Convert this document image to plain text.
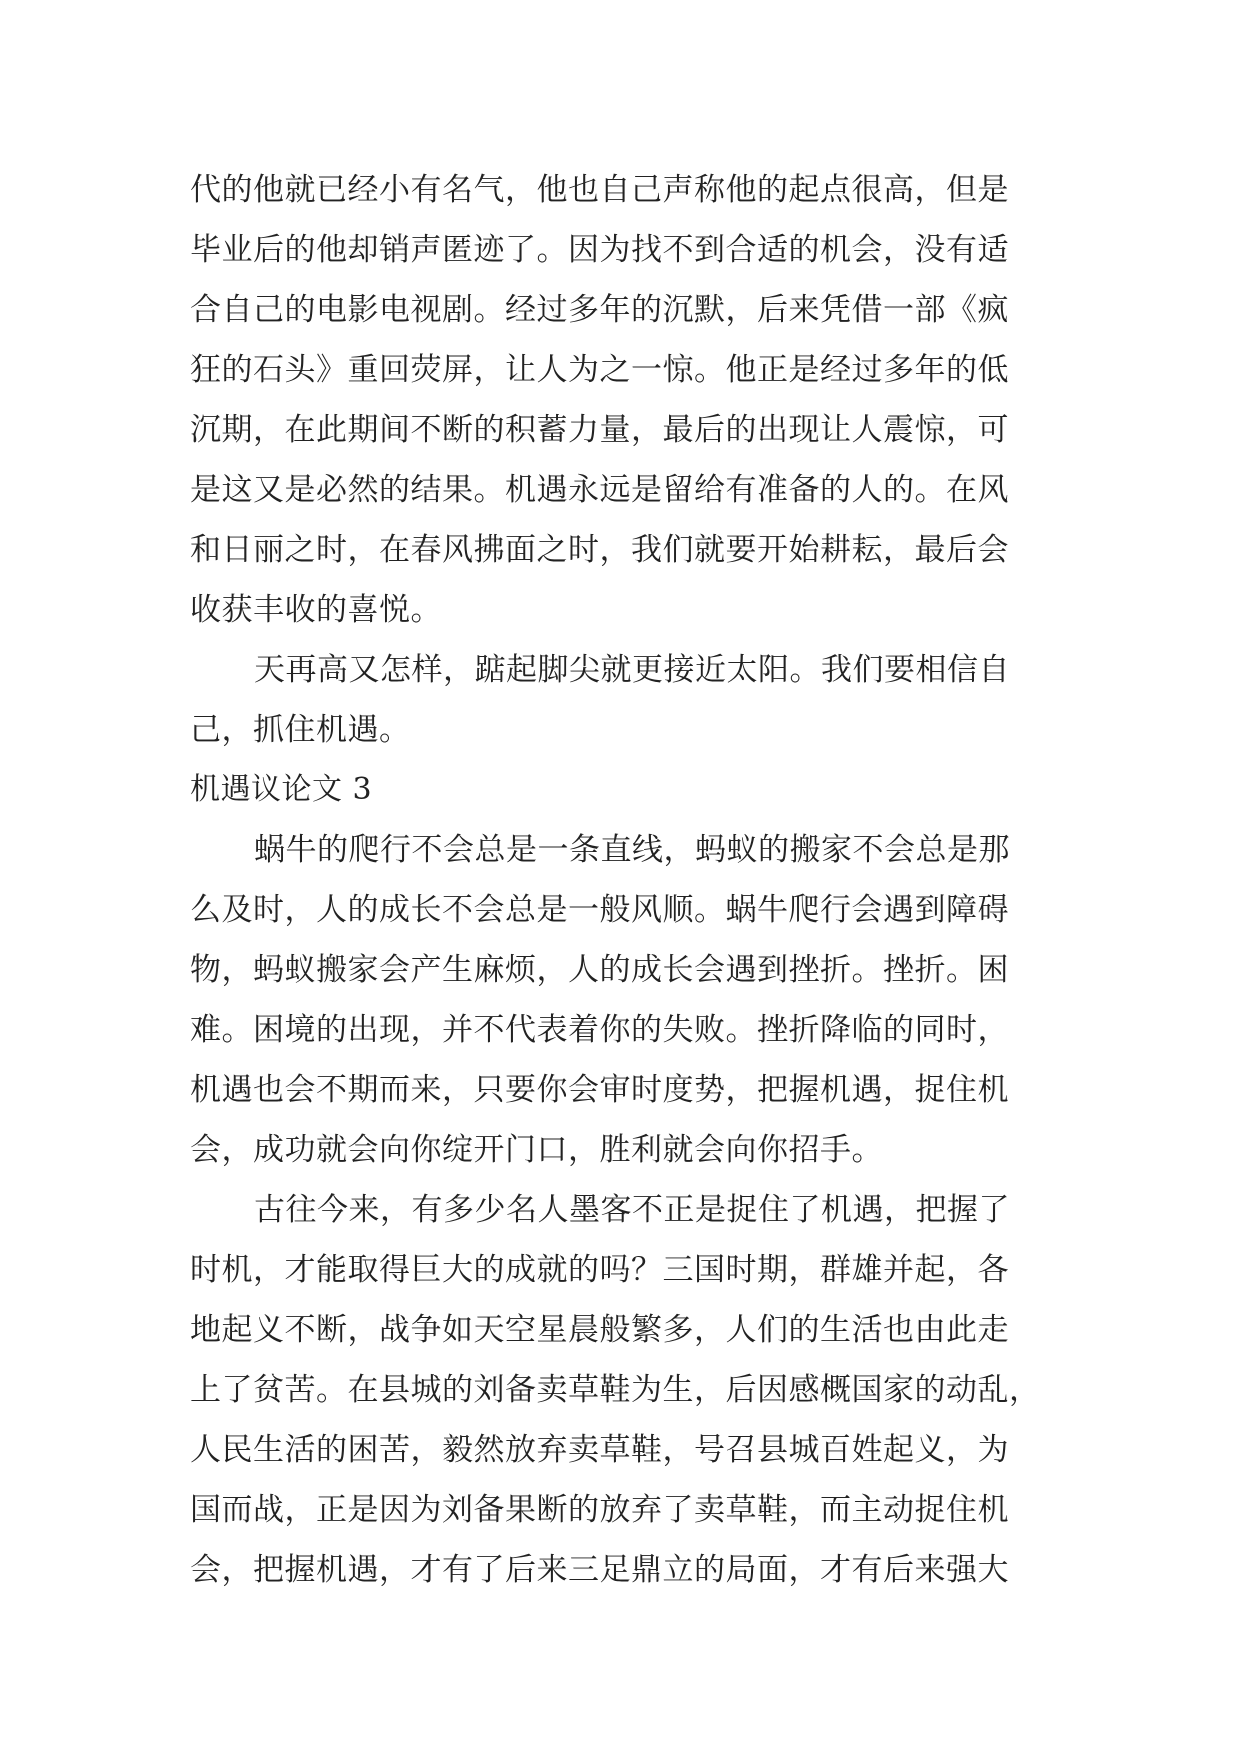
代的他就已经小有名气，他也自己声称他的起点很高，但是
毕业后的他却销声匿迹了。因为找不到合适的机会，没有适
合自己的电影电视剧。经过多年的沉默，后来凭借一部《疯
狂的石头》重回荧屏，让人为之一惊。他正是经过多年的低
沉期，在此期间不断的积蓄力量，最后的出现让人震惊，可
是这又是必然的结果。机遇永远是留给有准备的人的。在风
和日丽之时，在春风拂面之时，我们就要开始耕耘，最后会
收获丰收的喜悦。
天再高又怎样，踮起脚尖就更接近太阳。我们要相信自
己，抓住机遇。
机遇议论文 3
蜗牛的爬行不会总是一条直线，蚂蚁的搬家不会总是那
么及时，人的成长不会总是一般风顺。蜗牛爬行会遇到障碍
物，蚂蚁搬家会产生麻烦，人的成长会遇到挫折。挫折。困
难。困境的出现，并不代表着你的失败。挫折降临的同时，
机遇也会不期而来，只要你会审时度势，把握机遇，捉住机
会，成功就会向你绽开门口，胜利就会向你招手。
古往今来，有多少名人墨客不正是捉住了机遇，把握了
时机，才能取得巨大的成就的吗？三国时期，群雄并起，各
地起义不断，战争如天空星晨般繁多，人们的生活也由此走
上了贫苦。在县城的刘备卖草鞋为生，后因感概国家的动乱，
人民生活的困苦，毅然放弃卖草鞋，号召县城百姓起义，为
国而战，正是因为刘备果断的放弃了卖草鞋，而主动捉住机
会，把握机遇，才有了后来三足鼎立的局面，才有后来强大
